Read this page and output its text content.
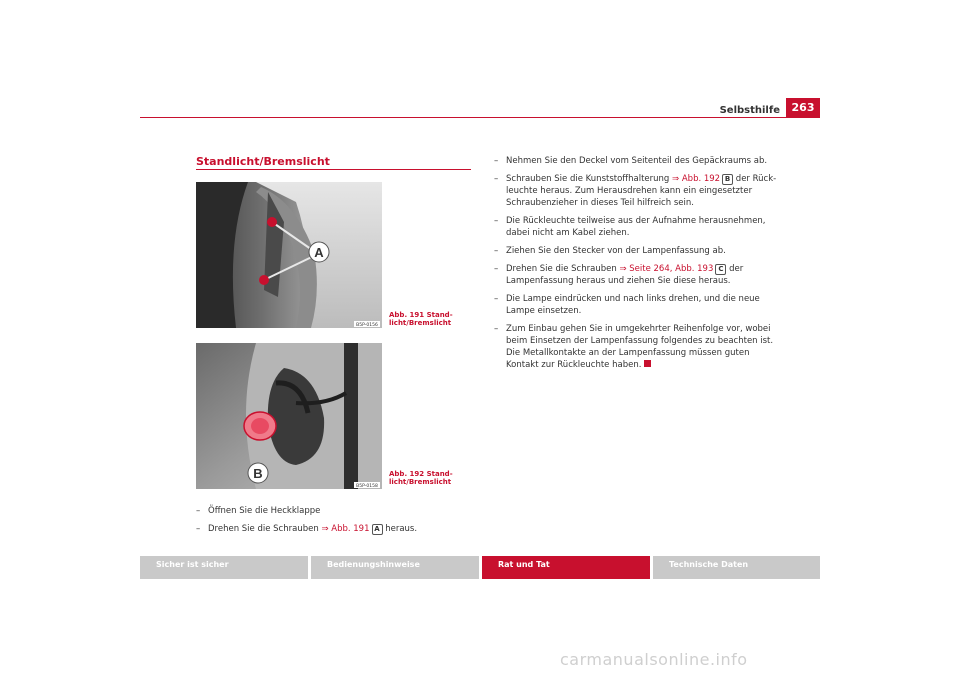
Selbsthilfe	263
Standlicht/Bremslicht
A
B5P-0156
Abb. 191 Stand-
licht/Bremslicht
B
B5P-0158
Abb. 192 Stand-
licht/Bremslicht
– Öffnen Sie die Heckklappe
– Drehen Sie die Schrauben ⇒ Abb. 191 A heraus.
– Nehmen Sie den Deckel vom Seitenteil des Gepäckraums ab.
– Schrauben Sie die Kunststoffhalterung ⇒ Abb. 192 B der Rück-leuchte heraus. Zum Herausdrehen kann ein eingesetzter Schraubenzieher in dieses Teil hilfreich sein.
– Die Rückleuchte teilweise aus der Aufnahme herausnehmen, dabei nicht am Kabel ziehen.
– Ziehen Sie den Stecker von der Lampenfassung ab.
– Drehen Sie die Schrauben ⇒ Seite 264, Abb. 193 C der Lampenfassung heraus und ziehen Sie diese heraus.
– Die Lampe eindrücken und nach links drehen, und die neue Lampe einsetzen.
– Zum Einbau gehen Sie in umgekehrter Reihenfolge vor, wobei beim Einsetzen der Lampenfassung folgendes zu beachten ist. Die Metallkontakte an der Lampenfassung müssen guten Kontakt zur Rückleuchte haben.
Sicher ist sicher	Bedienungshinweise	Rat und Tat	Technische Daten
carmanualsonline.info
